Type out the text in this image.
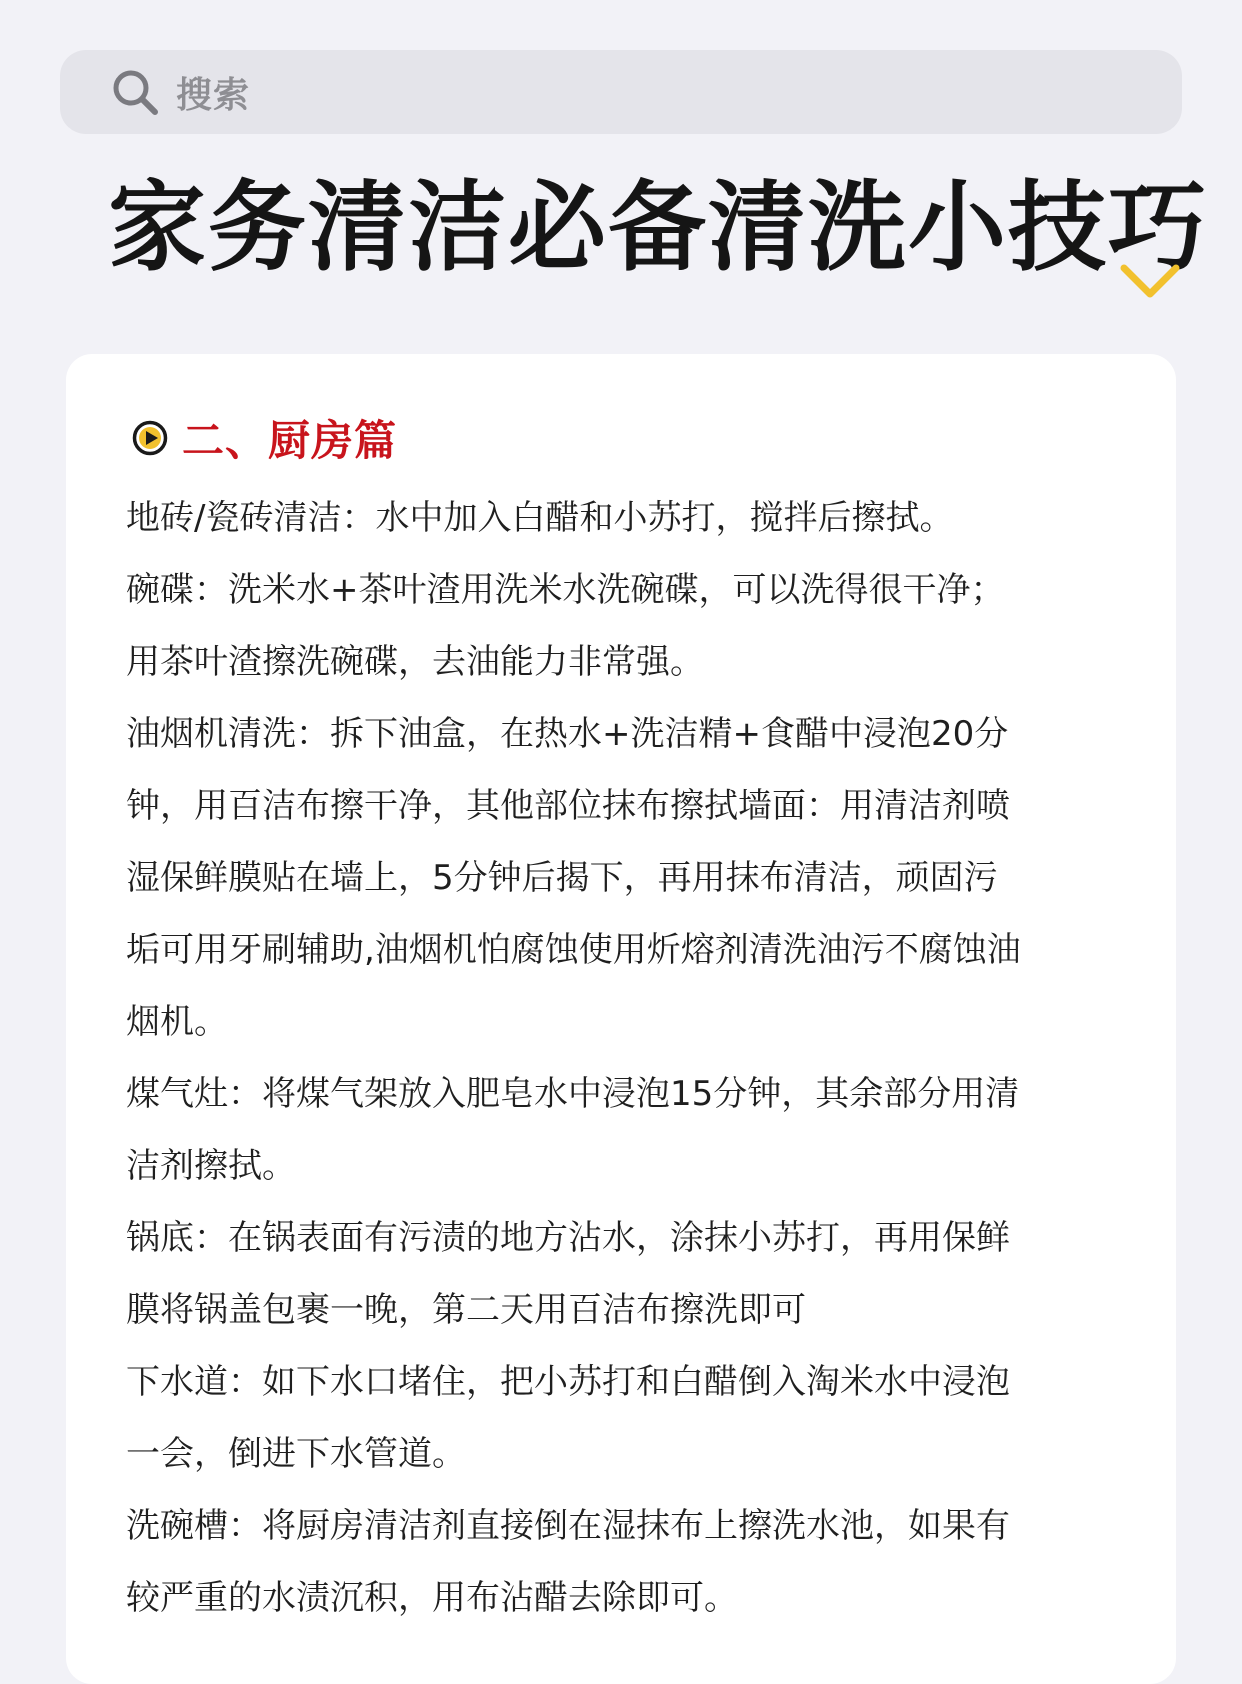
搜索
家务清洁必备清洗小技巧
二、厨房篇
地砖/瓷砖清洁：水中加入白醋和小苏打，搅拌后擦拭。
碗碟：洗米水+茶叶渣用洗米水洗碗碟，可以洗得很干净；
用茶叶渣擦洗碗碟，去油能力非常强。
油烟机清洗：拆下油盒，在热水+洗洁精+食醋中浸泡20分
钟，用百洁布擦干净，其他部位抹布擦拭墙面：用清洁剂喷
湿保鲜膜贴在墙上，5分钟后揭下，再用抹布清洁，顽固污
垢可用牙刷辅助,油烟机怕腐蚀使用炘熔剂清洗油污不腐蚀油
烟机。
煤气灶：将煤气架放入肥皂水中浸泡15分钟，其余部分用清
洁剂擦拭。
锅底：在锅表面有污渍的地方沾水，涂抹小苏打，再用保鲜
膜将锅盖包裹一晚，第二天用百洁布擦洗即可
下水道：如下水口堵住，把小苏打和白醋倒入淘米水中浸泡
一会，倒进下水管道。
洗碗槽：将厨房清洁剂直接倒在湿抹布上擦洗水池，如果有
较严重的水渍沉积，用布沾醋去除即可。
